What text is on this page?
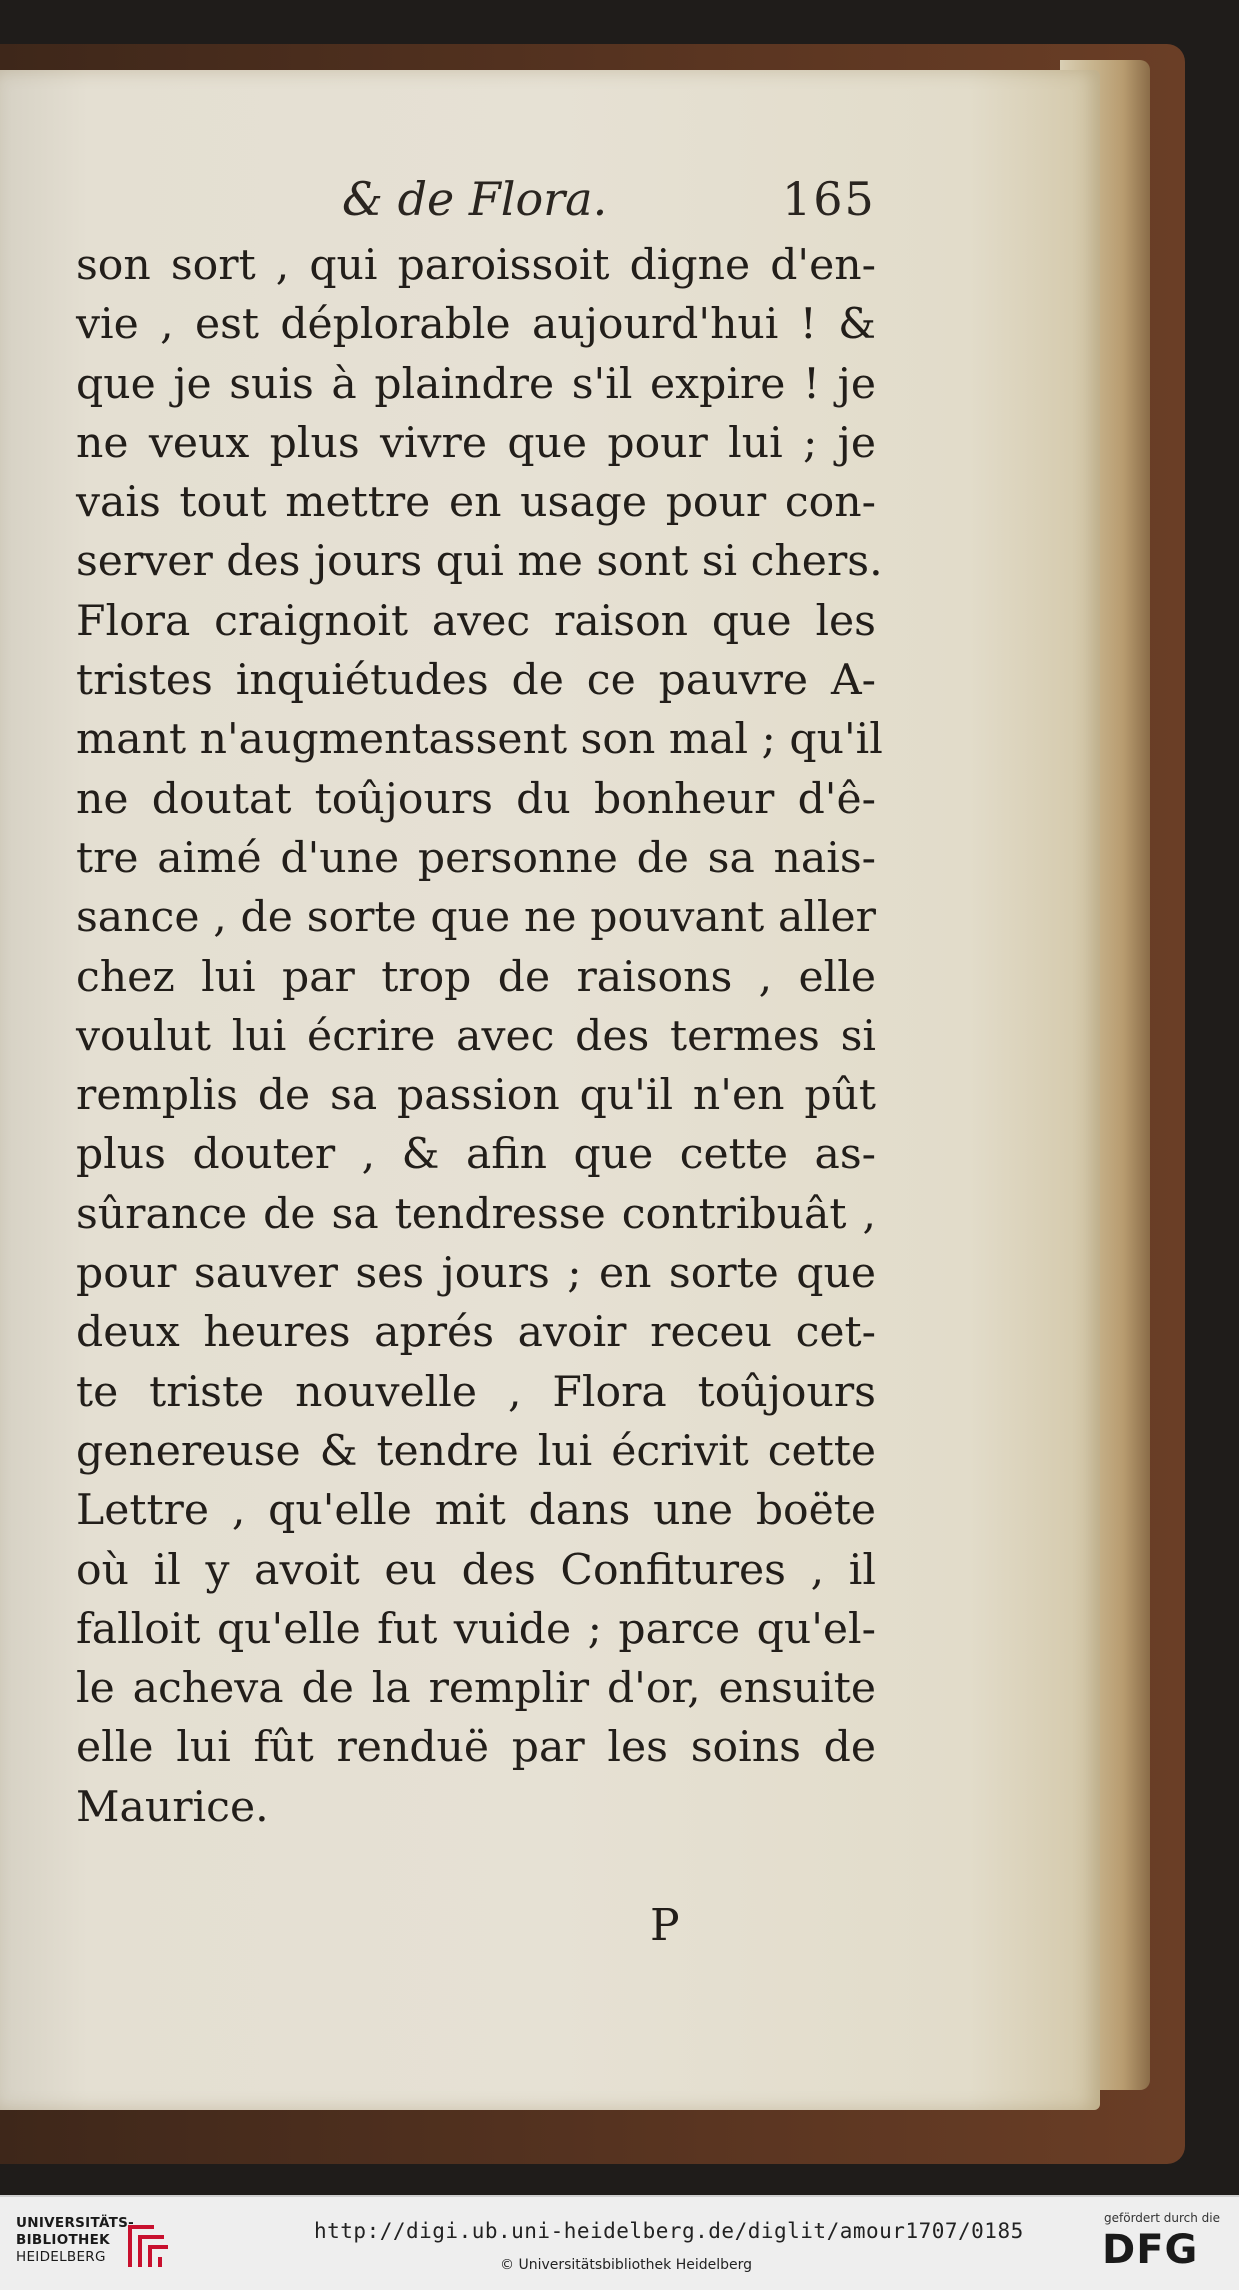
& de Flora.	165

son sort , qui paroissoit digne d'en-
vie , est déplorable aujourd'hui ! &
que je suis à plaindre s'il expire ! je
ne veux plus vivre que pour lui ; je
vais tout mettre en usage pour con-
server des jours qui me sont si chers.
Flora craignoit avec raison que les
tristes inquiétudes de ce pauvre A-
mant n'augmentassent son mal ; qu'il
ne doutat toûjours du bonheur d'ê-
tre aimé d'une personne de sa nais-
sance , de sorte que ne pouvant aller
chez lui par trop de raisons , elle
voulut lui écrire avec des termes si
remplis de sa passion qu'il n'en pût
plus douter , & afin que cette as-
sûrance de sa tendresse contribuât ,
pour sauver ses jours ; en sorte que
deux heures aprés avoir receu cet-
te triste nouvelle , Flora toûjours
genereuse & tendre lui écrivit cette
Lettre , qu'elle mit dans une boëte
où il y avoit eu des Confitures , il
falloit qu'elle fut vuide ; parce qu'el-
le acheva de la remplir d'or, ensuite
elle lui fût renduë par les soins de
Maurice.

P
UNIVERSITÄTS-
BIBLIOTHEK
HEIDELBERG
http://digi.ub.uni-heidelberg.de/diglit/amour1707/0185
© Universitätsbibliothek Heidelberg
gefördert durch die
DFG
